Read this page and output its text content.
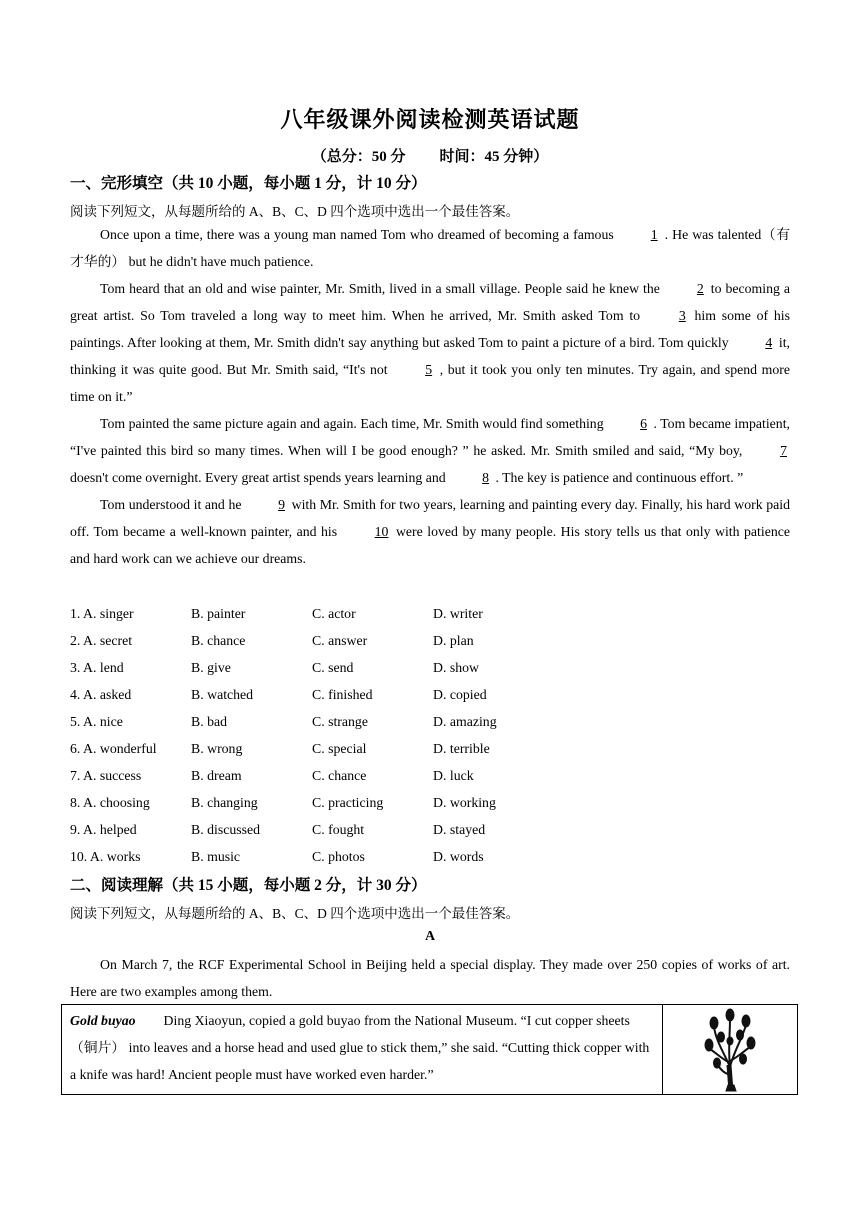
八年级课外阅读检测英语试题
（总分：50 分 时间：45 分钟）
一、完形填空（共 10 小题，每小题 1 分，计 10 分）
阅读下列短文，从每题所给的 A、B、C、D 四个选项中选出一个最佳答案。

Once upon a time, there was a young man named Tom who dreamed of becoming a famous	1 . He was talented（有才华的） but he didn't have much patience.

Tom heard that an old and wise painter, Mr. Smith, lived in a small village. People said he knew the	2 to becoming a great artist. So Tom traveled a long way to meet him. When he arrived, Mr. Smith asked Tom to	3 him some of his paintings. After looking at them, Mr. Smith didn't say anything but asked Tom to paint a picture of a bird. Tom quickly	4 it, thinking it was quite good. But Mr. Smith said, “It's not	5 , but it took you only ten minutes. Try again, and spend more time on it.”

Tom painted the same picture again and again. Each time, Mr. Smith would find something	6 . Tom became impatient, “I've painted this bird so many times. When will I be good enough? ” he asked. Mr. Smith smiled and said, “My boy,	7 doesn't come overnight. Every great artist spends years learning and	8 . The key is patience and continuous effort. ”

Tom understood it and he	9 with Mr. Smith for two years, learning and painting every day. Finally, his hard work paid off. Tom became a well-known painter, and his	10 were loved by many people. His story tells us that only with patience and hard work can we achieve our dreams.

1. A. singer	B. painter	C. actor	D. writer
2. A. secret	B. chance	C. answer	D. plan
3. A. lend	B. give	C. send	D. show
4. A. asked	B. watched	C. finished	D. copied
5. A. nice	B. bad	C. strange	D. amazing
6. A. wonderful B. wrong	C. special	D. terrible
7. A. success	B. dream	C. chance	D. luck
8. A. choosing	B. changing	C. practicing	D. working
9. A. helped	B. discussed	C. fought	D. stayed
10. A. works	B. music	C. photos	D. words
二、阅读理解（共 15 小题，每小题 2 分，计 30 分）
阅读下列短文，从每题所给的 A、B、C、D 四个选项中选出一个最佳答案。
A

On March 7, the RCF Experimental School in Beijing held a special display. They made over 250 copies of works of art. Here are two examples among them.

Gold buyao Ding Xiaoyun, copied a gold buyao from the National Museum. “I cut copper sheets（铜片） into leaves and a horse head and used glue to stick them,” she said. “Cutting thick copper with a knife was hard! Ancient people must have worked even harder.”
